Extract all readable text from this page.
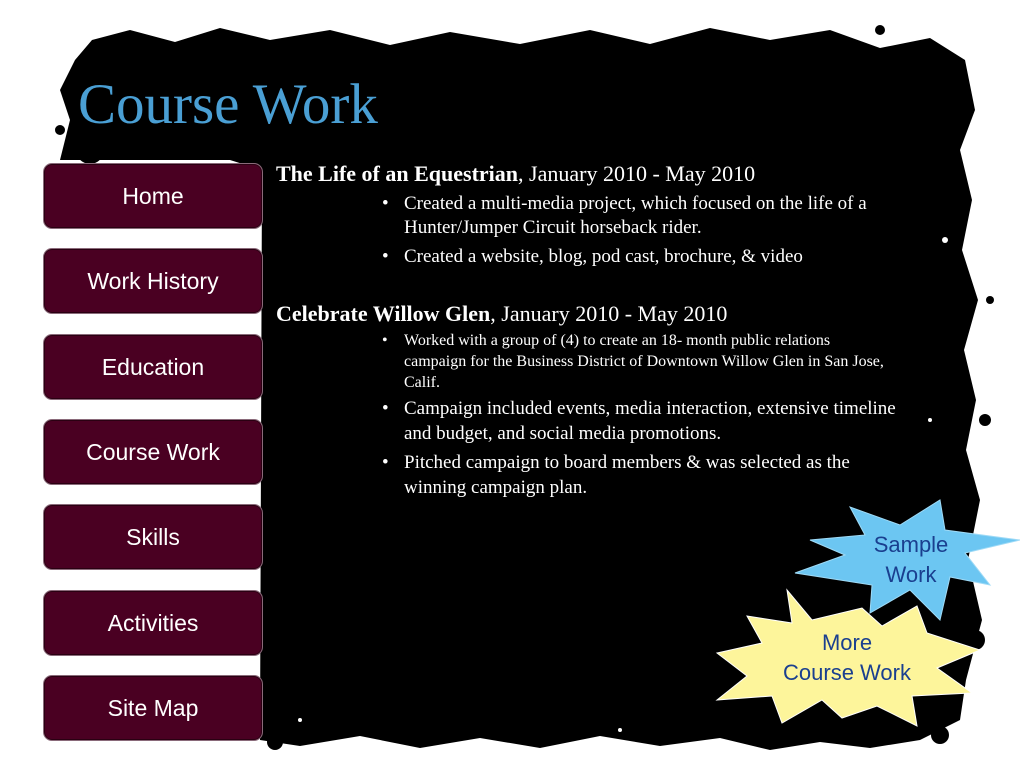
Course Work
Home
Work History
Education
Course Work
Skills
Activities
Site Map

The Life of an Equestrian, January 2010 - May 2010

• Created a multi-media project, which focused on the life of a Hunter/Jumper Circuit horseback rider.
• Created a website, blog, pod cast, brochure, & video

Celebrate Willow Glen, January 2010 - May 2010

• Worked with a group of (4) to create an 18- month public relations campaign for the Business District of Downtown Willow Glen in San Jose, Calif.
• Campaign included events, media interaction, extensive timeline and budget, and social media promotions.
• Pitched campaign to board members & was selected as the winning campaign plan.
Sample
Work
More
Course Work
